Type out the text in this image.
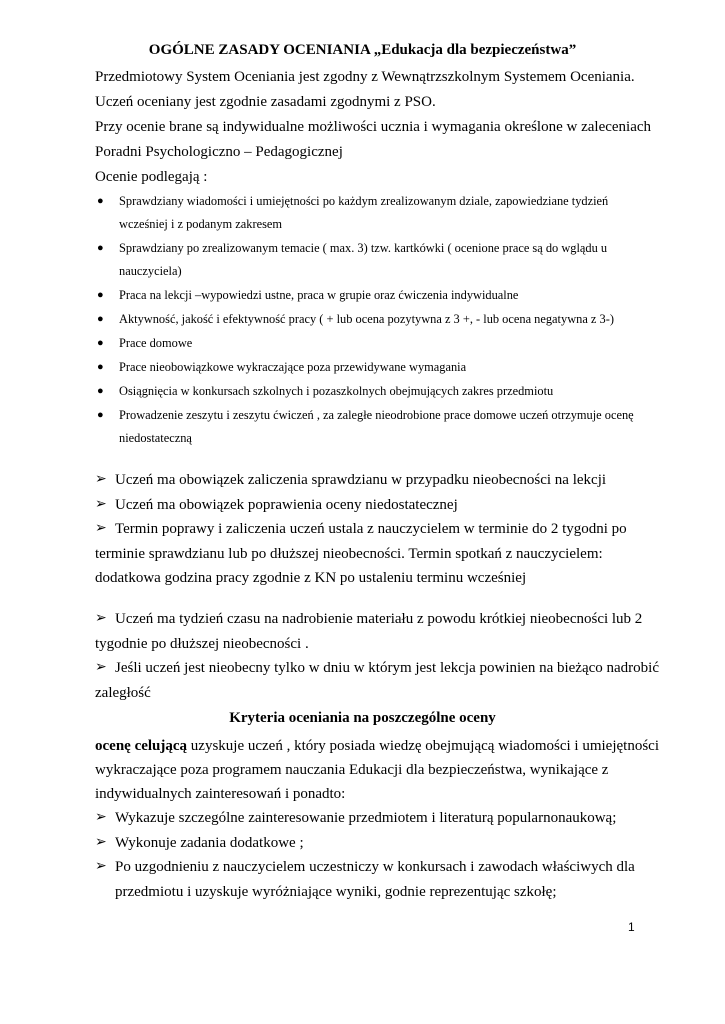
OGÓLNE ZASADY OCENIANIA „Edukacja dla bezpieczeństwa”
Przedmiotowy System Oceniania jest zgodny z Wewnątrzszkolnym Systemem Oceniania.
Uczeń oceniany jest zgodnie zasadami zgodnymi z PSO.
Przy ocenie brane są indywidualne możliwości ucznia i wymagania określone w zaleceniach
Poradni Psychologiczno – Pedagogicznej
Ocenie podlegają :
● Sprawdziany wiadomości i umiejętności po każdym zrealizowanym dziale, zapowiedziane tydzień
wcześniej i z podanym zakresem
● Sprawdziany po zrealizowanym temacie ( max. 3) tzw. kartkówki ( ocenione prace są do wglądu u
nauczyciela)
● Praca na lekcji –wypowiedzi ustne, praca w grupie oraz ćwiczenia indywidualne
● Aktywność, jakość i efektywność pracy ( + lub ocena pozytywna z 3 +, - lub ocena negatywna z 3-)
● Prace domowe
● Prace nieobowiązkowe wykraczające poza przewidywane wymagania
● Osiągnięcia w konkursach szkolnych i pozaszkolnych obejmujących zakres przedmiotu
● Prowadzenie zeszytu i zeszytu ćwiczeń , za zaległe nieodrobione prace domowe uczeń otrzymuje ocenę
niedostateczną
➢ Uczeń ma obowiązek zaliczenia sprawdzianu w przypadku nieobecności na lekcji
➢ Uczeń ma obowiązek poprawienia oceny niedostatecznej
➢ Termin poprawy i zaliczenia uczeń ustala z nauczycielem w terminie do 2 tygodni po
terminie sprawdzianu lub po dłuższej nieobecności. Termin spotkań z nauczycielem:
dodatkowa godzina pracy zgodnie z KN po ustaleniu terminu wcześniej
➢ Uczeń ma tydzień czasu na nadrobienie materiału z powodu krótkiej nieobecności lub 2
tygodnie po dłuższej nieobecności .
➢ Jeśli uczeń jest nieobecny tylko w dniu w którym jest lekcja powinien na bieżąco nadrobić
zaległość
Kryteria oceniania na poszczególne oceny
ocenę celującą uzyskuje uczeń , który posiada wiedzę obejmującą wiadomości i umiejętności
wykraczające poza programem nauczania Edukacji dla bezpieczeństwa, wynikające z
indywidualnych zainteresowań i ponadto:
➢ Wykazuje szczególne zainteresowanie przedmiotem i literaturą popularnonaukową;
➢ Wykonuje zadania dodatkowe ;
➢ Po uzgodnieniu z nauczycielem uczestniczy w konkursach i zawodach właściwych dla
przedmiotu i uzyskuje wyróżniające wyniki, godnie reprezentując szkołę;
1
